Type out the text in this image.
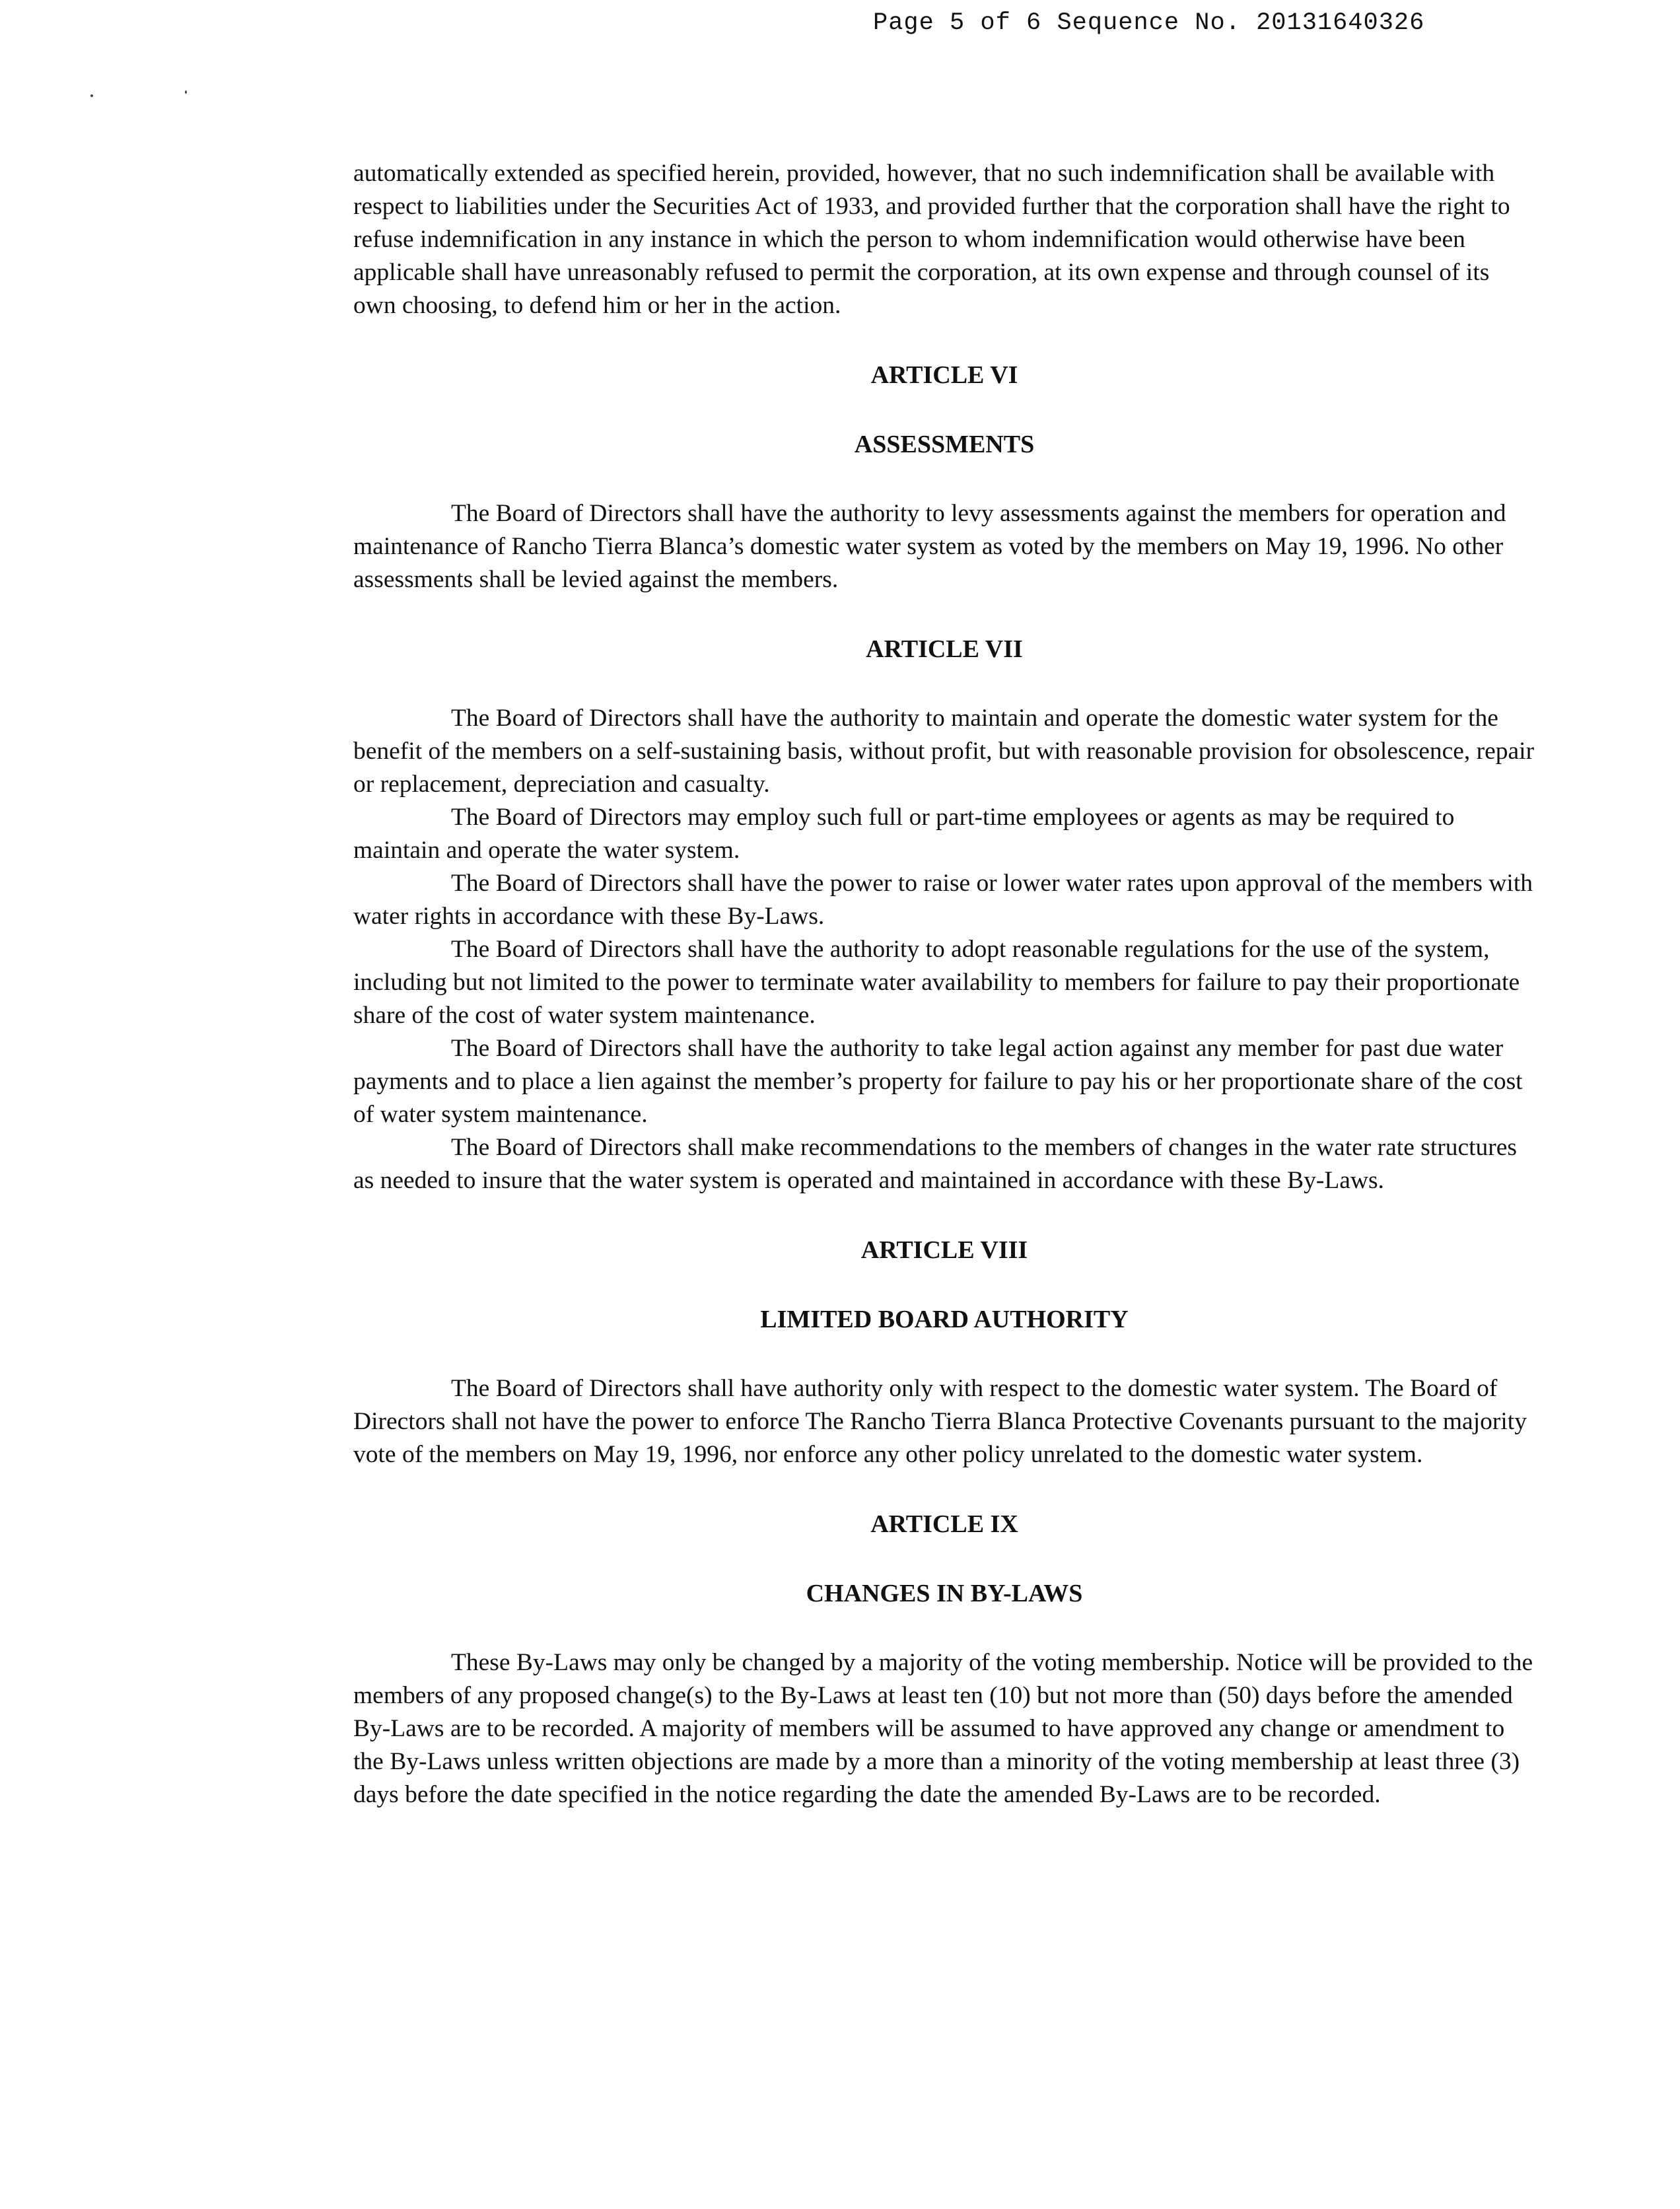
Page 5 of 6 Sequence No. 20131640326

automatically extended as specified herein, provided, however, that no such indemnification shall be available with respect to liabilities under the Securities Act of 1933, and provided further that the corporation shall have the right to refuse indemnification in any instance in which the person to whom indemnification would otherwise have been applicable shall have unreasonably refused to permit the corporation, at its own expense and through counsel of its own choosing, to defend him or her in the action.

ARTICLE VI

ASSESSMENTS

The Board of Directors shall have the authority to levy assessments against the members for operation and maintenance of Rancho Tierra Blanca’s domestic water system as voted by the members on May 19, 1996. No other assessments shall be levied against the members.

ARTICLE VII

The Board of Directors shall have the authority to maintain and operate the domestic water system for the benefit of the members on a self-sustaining basis, without profit, but with reasonable provision for obsolescence, repair or replacement, depreciation and casualty.

The Board of Directors may employ such full or part-time employees or agents as may be required to maintain and operate the water system.

The Board of Directors shall have the power to raise or lower water rates upon approval of the members with water rights in accordance with these By-Laws.

The Board of Directors shall have the authority to adopt reasonable regulations for the use of the system, including but not limited to the power to terminate water availability to members for failure to pay their proportionate share of the cost of water system maintenance.

The Board of Directors shall have the authority to take legal action against any member for past due water payments and to place a lien against the member’s property for failure to pay his or her proportionate share of the cost of water system maintenance.

The Board of Directors shall make recommendations to the members of changes in the water rate structures as needed to insure that the water system is operated and maintained in accordance with these By-Laws.

ARTICLE VIII

LIMITED BOARD AUTHORITY

The Board of Directors shall have authority only with respect to the domestic water system. The Board of Directors shall not have the power to enforce The Rancho Tierra Blanca Protective Covenants pursuant to the majority vote of the members on May 19, 1996, nor enforce any other policy unrelated to the domestic water system.

ARTICLE IX

CHANGES IN BY-LAWS

These By-Laws may only be changed by a majority of the voting membership. Notice will be provided to the members of any proposed change(s) to the By-Laws at least ten (10) but not more than (50) days before the amended By-Laws are to be recorded. A majority of members will be assumed to have approved any change or amendment to the By-Laws unless written objections are made by a more than a minority of the voting membership at least three (3) days before the date specified in the notice regarding the date the amended By-Laws are to be recorded.
